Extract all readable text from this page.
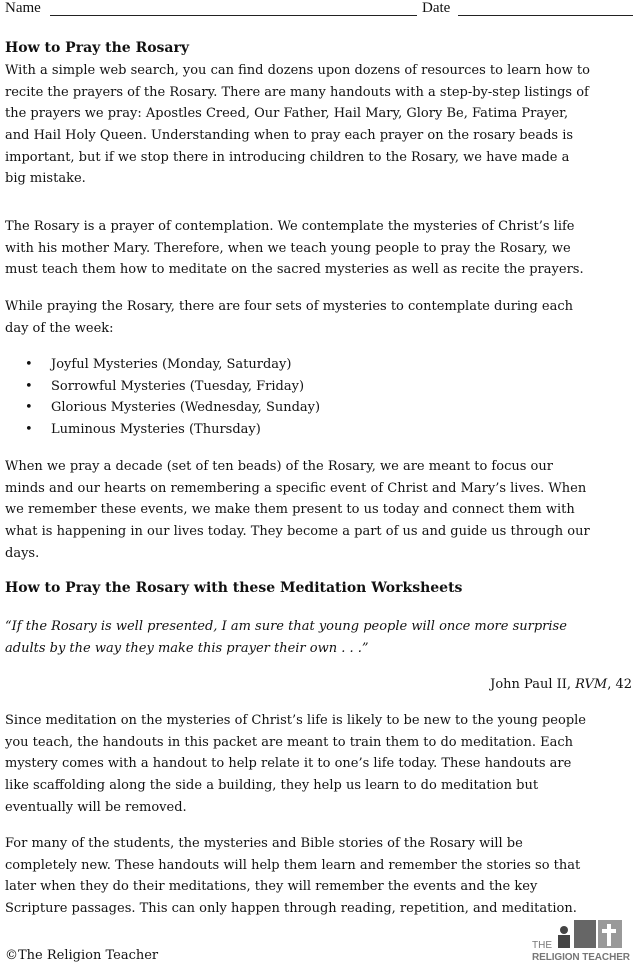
Name	Date
How to Pray the Rosary
With a simple web search, you can find dozens upon dozens of resources to learn how to
recite the prayers of the Rosary. There are many handouts with a step-by-step listings of
the prayers we pray: Apostles Creed, Our Father, Hail Mary, Glory Be, Fatima Prayer,
and Hail Holy Queen. Understanding when to pray each prayer on the rosary beads is
important, but if we stop there in introducing children to the Rosary, we have made a
big mistake.
The Rosary is a prayer of contemplation. We contemplate the mysteries of Christ’s life
with his mother Mary. Therefore, when we teach young people to pray the Rosary, we
must teach them how to meditate on the sacred mysteries as well as recite the prayers.
While praying the Rosary, there are four sets of mysteries to contemplate during each
day of the week:
• Joyful Mysteries (Monday, Saturday)
• Sorrowful Mysteries (Tuesday, Friday)
• Glorious Mysteries (Wednesday, Sunday)
• Luminous Mysteries (Thursday)
When we pray a decade (set of ten beads) of the Rosary, we are meant to focus our
minds and our hearts on remembering a specific event of Christ and Mary’s lives. When
we remember these events, we make them present to us today and connect them with
what is happening in our lives today. They become a part of us and guide us through our
days.
How to Pray the Rosary with these Meditation Worksheets
“If the Rosary is well presented, I am sure that young people will once more surprise
adults by the way they make this prayer their own . . .”
John Paul II, RVM, 42
Since meditation on the mysteries of Christ’s life is likely to be new to the young people
you teach, the handouts in this packet are meant to train them to do meditation. Each
mystery comes with a handout to help relate it to one’s life today. These handouts are
like scaffolding along the side a building, they help us learn to do meditation but
eventually will be removed.
For many of the students, the mysteries and Bible stories of the Rosary will be
completely new. These handouts will help them learn and remember the stories so that
later when they do their meditations, they will remember the events and the key
Scripture passages. This can only happen through reading, repetition, and meditation.
©The Religion Teacher
THE
RELIGION TEACHER
